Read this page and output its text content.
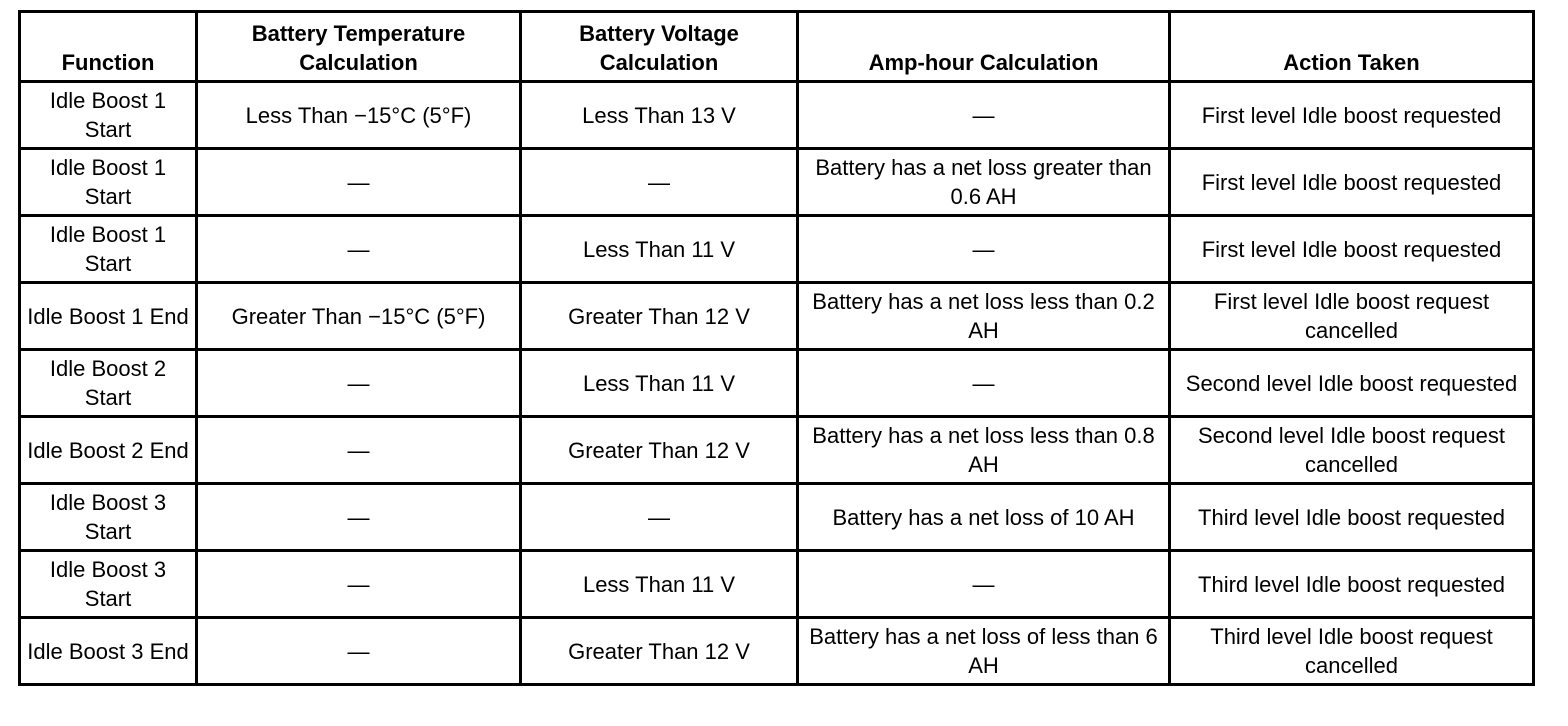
Function	Battery Temperature Calculation	Battery Voltage Calculation	Amp-hour Calculation	Action Taken
Idle Boost 1 Start	Less Than −15°C (5°F)	Less Than 13 V	—	First level Idle boost requested
Idle Boost 1 Start	—	—	Battery has a net loss greater than 0.6 AH	First level Idle boost requested
Idle Boost 1 Start	—	Less Than 11 V	—	First level Idle boost requested
Idle Boost 1 End	Greater Than −15°C (5°F)	Greater Than 12 V	Battery has a net loss less than 0.2 AH	First level Idle boost request cancelled
Idle Boost 2 Start	—	Less Than 11 V	—	Second level Idle boost requested
Idle Boost 2 End	—	Greater Than 12 V	Battery has a net loss less than 0.8 AH	Second level Idle boost request cancelled
Idle Boost 3 Start	—	—	Battery has a net loss of 10 AH	Third level Idle boost requested
Idle Boost 3 Start	—	Less Than 11 V	—	Third level Idle boost requested
Idle Boost 3 End	—	Greater Than 12 V	Battery has a net loss of less than 6 AH	Third level Idle boost request cancelled
